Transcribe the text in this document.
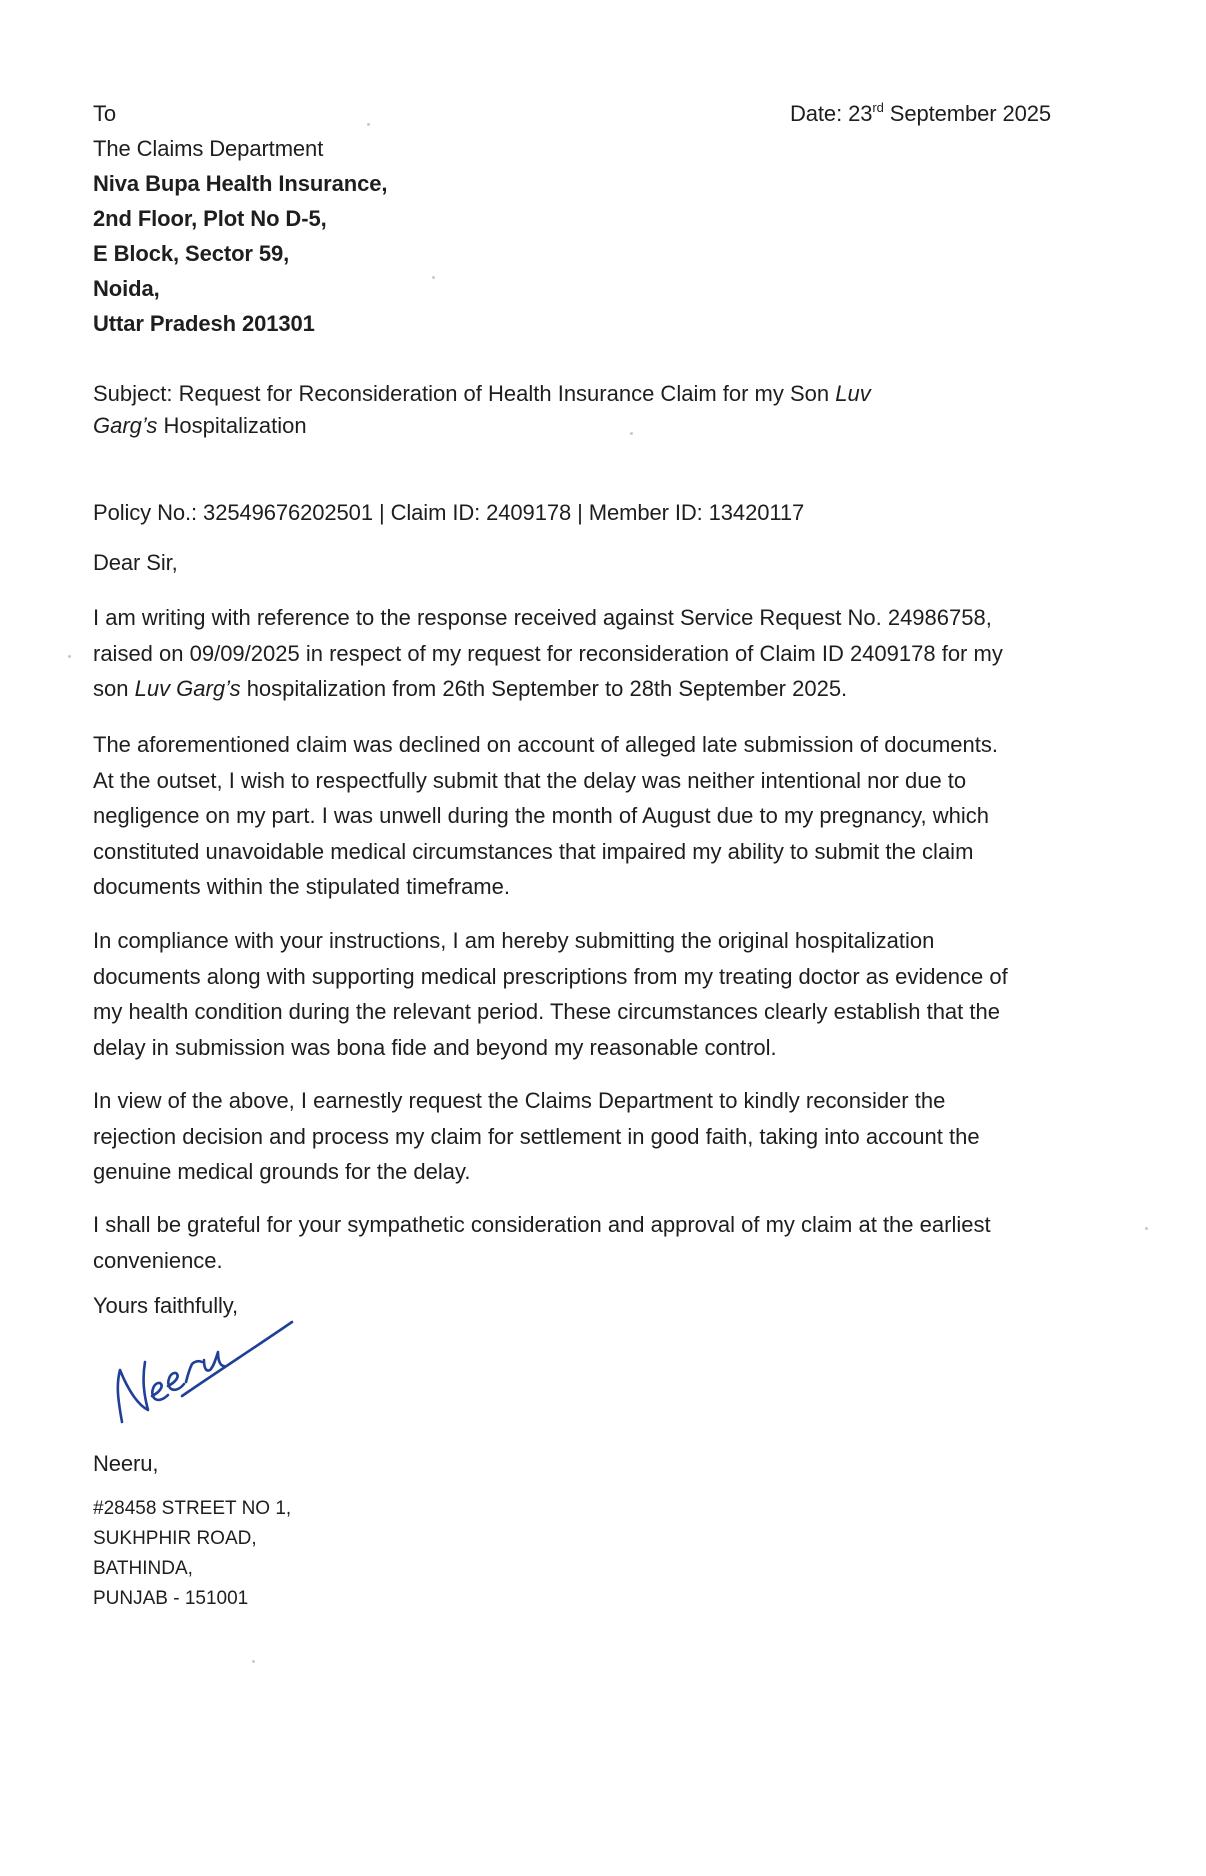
Date: 23rd September 2025
To
The Claims Department
Niva Bupa Health Insurance,
2nd Floor, Plot No D-5,
E Block, Sector 59,
Noida,
Uttar Pradesh 201301
Subject: Request for Reconsideration of Health Insurance Claim for my Son Luv
Garg’s Hospitalization
Policy No.: 32549676202501 | Claim ID: 2409178 | Member ID: 13420117
Dear Sir,

I am writing with reference to the response received against Service Request No. 24986758,

raised on 09/09/2025 in respect of my request for reconsideration of Claim ID 2409178 for my

son Luv Garg’s hospitalization from 26th September to 28th September 2025.

The aforementioned claim was declined on account of alleged late submission of documents.

At the outset, I wish to respectfully submit that the delay was neither intentional nor due to

negligence on my part. I was unwell during the month of August due to my pregnancy, which

constituted unavoidable medical circumstances that impaired my ability to submit the claim

documents within the stipulated timeframe.

In compliance with your instructions, I am hereby submitting the original hospitalization

documents along with supporting medical prescriptions from my treating doctor as evidence of

my health condition during the relevant period. These circumstances clearly establish that the

delay in submission was bona fide and beyond my reasonable control.

In view of the above, I earnestly request the Claims Department to kindly reconsider the

rejection decision and process my claim for settlement in good faith, taking into account the

genuine medical grounds for the delay.

I shall be grateful for your sympathetic consideration and approval of my claim at the earliest

convenience.

Yours faithfully,
Neeru,
#28458 STREET NO 1,
SUKHPHIR ROAD,
BATHINDA,
PUNJAB - 151001
